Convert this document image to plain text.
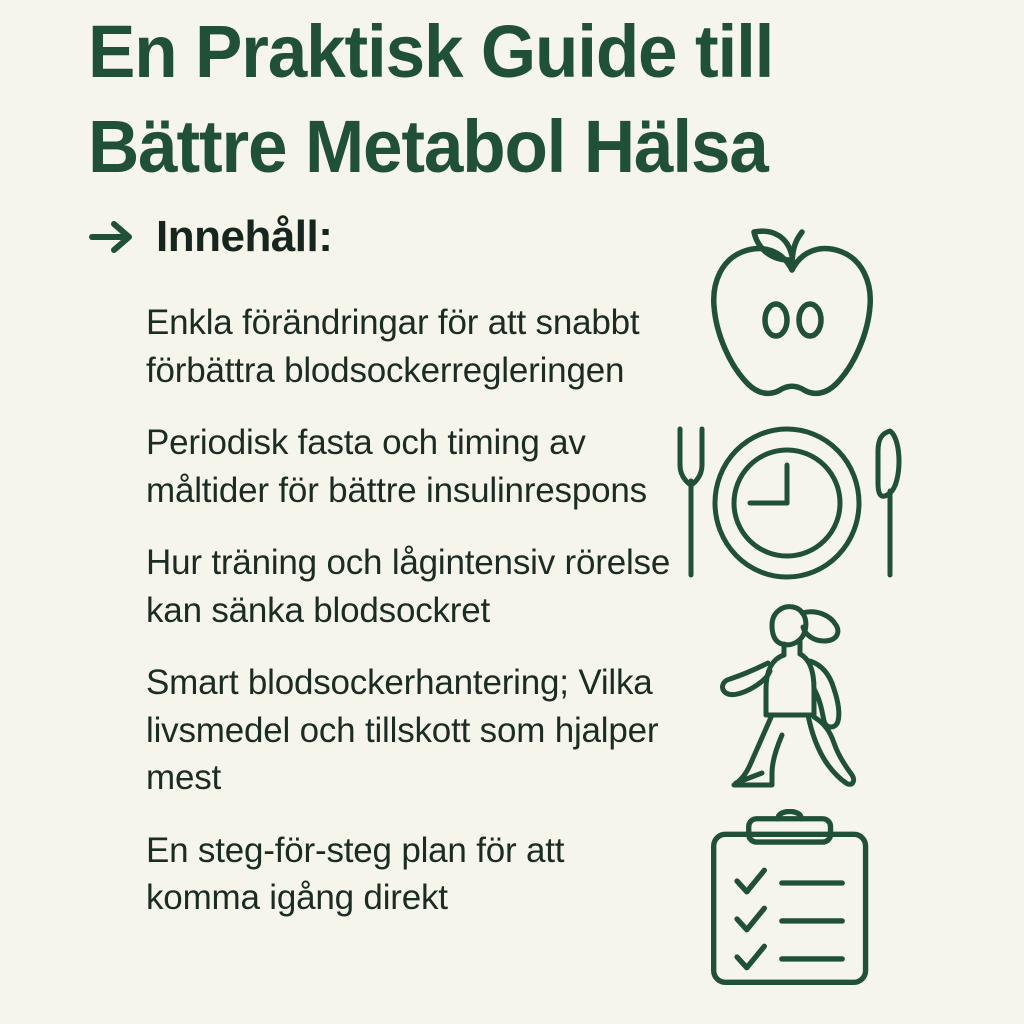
En Praktisk Guide till
Bättre Metabol Hälsa
Innehåll:

Enkla förändringar för att snabbt förbättra blodsockerregleringen

Periodisk fasta och timing av måltider för bättre insulinrespons

Hur träning och lågintensiv rörelse kan sänka blodsockret

Smart blodsockerhantering; Vilka livsmedel och tillskott som hjalper mest

En steg-för-steg plan för att komma igång direkt
